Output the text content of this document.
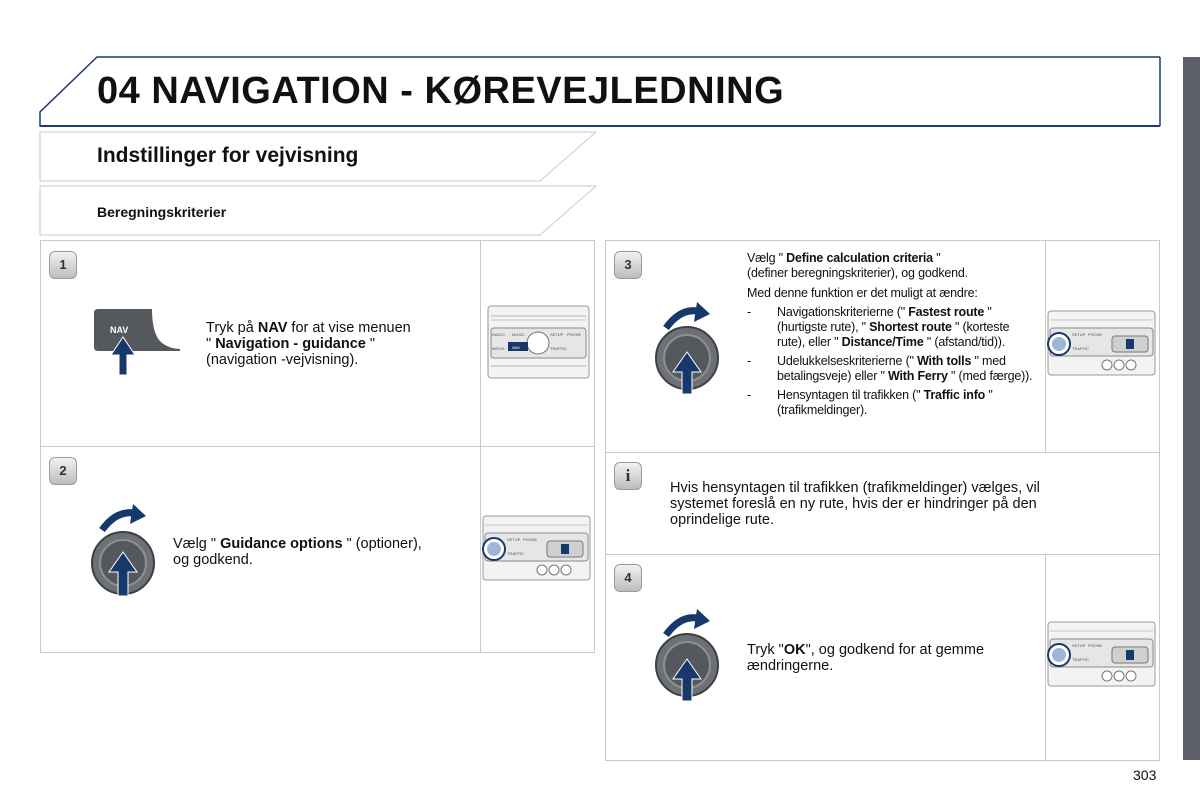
04 NAVIGATION - KØREVEJLEDNING
Indstillinger for vejvisning
Beregningskriterier
1
NAV	Tryk på NAV for at vise menuen
" Navigation - guidance "
(navigation -vejvisning).
RADIO MUSIC	SETUP PHONE
MEDIA NAV	TRAFFIC
2
Vælg " Guidance options " (optioner),
og godkend.
SETUP PHONE
TRAFFIC
3	Vælg " Define calculation criteria "
(definer beregningskriterier), og godkend.
Med denne funktion er det muligt at ændre:
- Navigationskriterierne (" Fastest route " (hurtigste rute), " Shortest route " (korteste rute), eller " Distance/Time " (afstand/tid)).
- Udelukkelseskriterierne (" With tolls " med betalingsveje) eller " With Ferry " (med færge)).
- Hensyntagen til trafikken (" Traffic info " (trafikmeldinger).
SETUP PHONE
TRAFFIC
i
Hvis hensyntagen til trafikken (trafikmeldinger) vælges, vil systemet foreslå en ny rute, hvis der er hindringer på den oprindelige rute.
4
Tryk "OK", og godkend for at gemme
ændringerne.
SETUP PHONE
TRAFFIC
303
